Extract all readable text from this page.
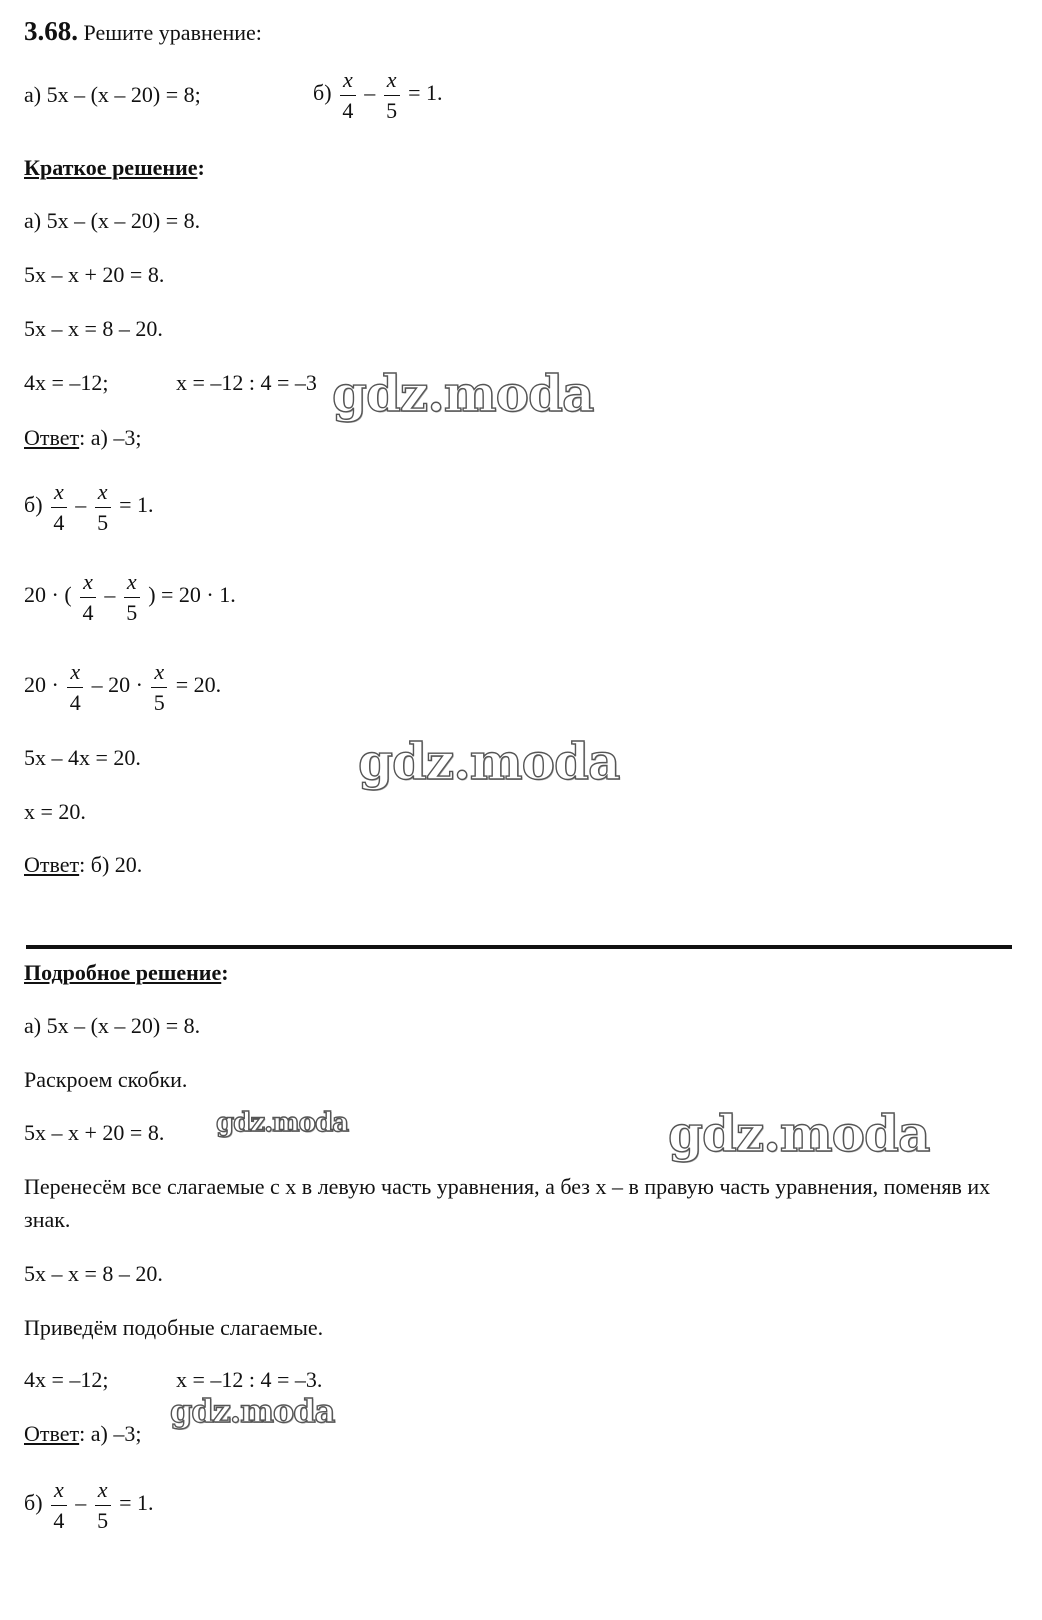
3.68. Решите уравнение:
а) 5x – (x – 20) = 8;	$б) \frac{x}{4} - \frac{x}{5} = 1$.
Краткое решение:
а) 5x – (x – 20) = 8.
5x – x + 20 = 8.
5x – x = 8 – 20.
4x = –12;	x = –12 : 4 = –3
Ответ: а) –3;
$б) \frac{x}{4} - \frac{x}{5} = 1$.
20 · ( $\frac{x}{4} - \frac{x}{5}$ ) = 20 · 1.
$20 \cdot \frac{x}{4} - 20 \cdot \frac{x}{5} = 20$.
5x – 4x = 20.
x = 20.
Ответ: б) 20.
Подробное решение:
а) 5x – (x – 20) = 8.
Раскроем скобки.
5x – x + 20 = 8.
Перенесём все слагаемые с x в левую часть уравнения, а без x – в правую часть уравнения, поменяв их знак.
5x – x = 8 – 20.
Приведём подобные слагаемые.
4x = –12;	x = –12 : 4 = –3.
Ответ: а) –3;
$б) \frac{x}{4} - \frac{x}{5} = 1$.
gdz.moda
gdz.moda
gdz.moda	gdz.moda
gdz.moda
